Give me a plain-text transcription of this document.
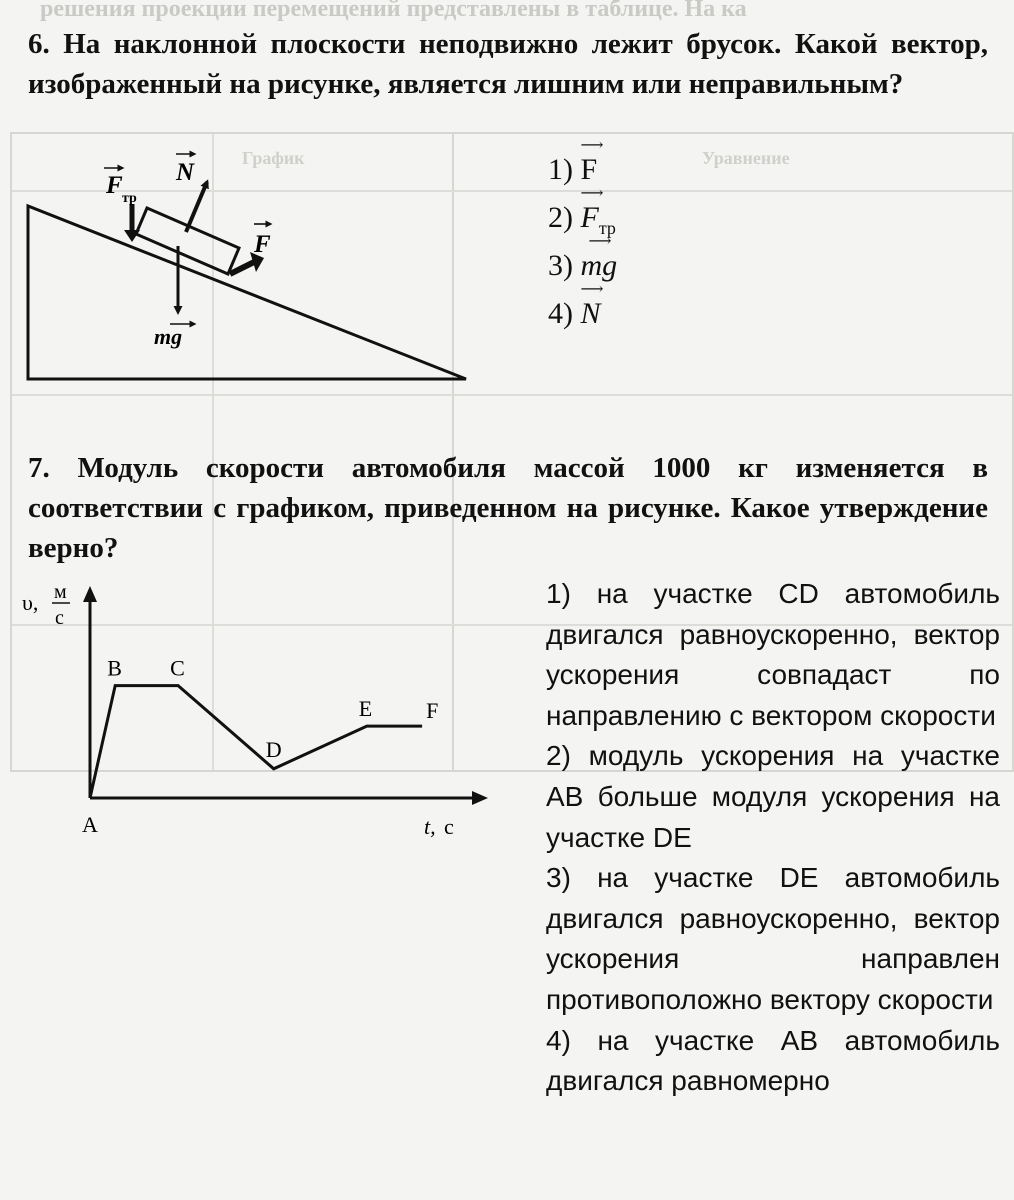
решения проекции перемещений представлены в таблице. На ка
График	Уравнение
6. На наклонной плоскости неподвижно лежит брусок. Какой вектор, изображенный на рисунке, является лишним или неправильным?
F тр
N
F
mg
1)
⟶
F
2)
⟶
$F_{тр}$
3)
⟶
mg
4)
⟶
N
7. Модуль скорости автомобиля массой 1000 кг изменяется в соответствии с графиком, приведенном на рисунке. Какое утверждение верно?
A
B C
D
E F
υ, м
с
t, с

1) на участке CD автомобиль двигался равноускоренно, вектор ускорения совпадаст по направлению с вектором скорости

2) модуль ускорения на участке AB больше модуля ускорения на участке DE

3) на участке DE автомобиль двигался равноускоренно, вектор ускорения направлен противоположно вектору скорости

4) на участке AB автомобиль двигался равномерно
